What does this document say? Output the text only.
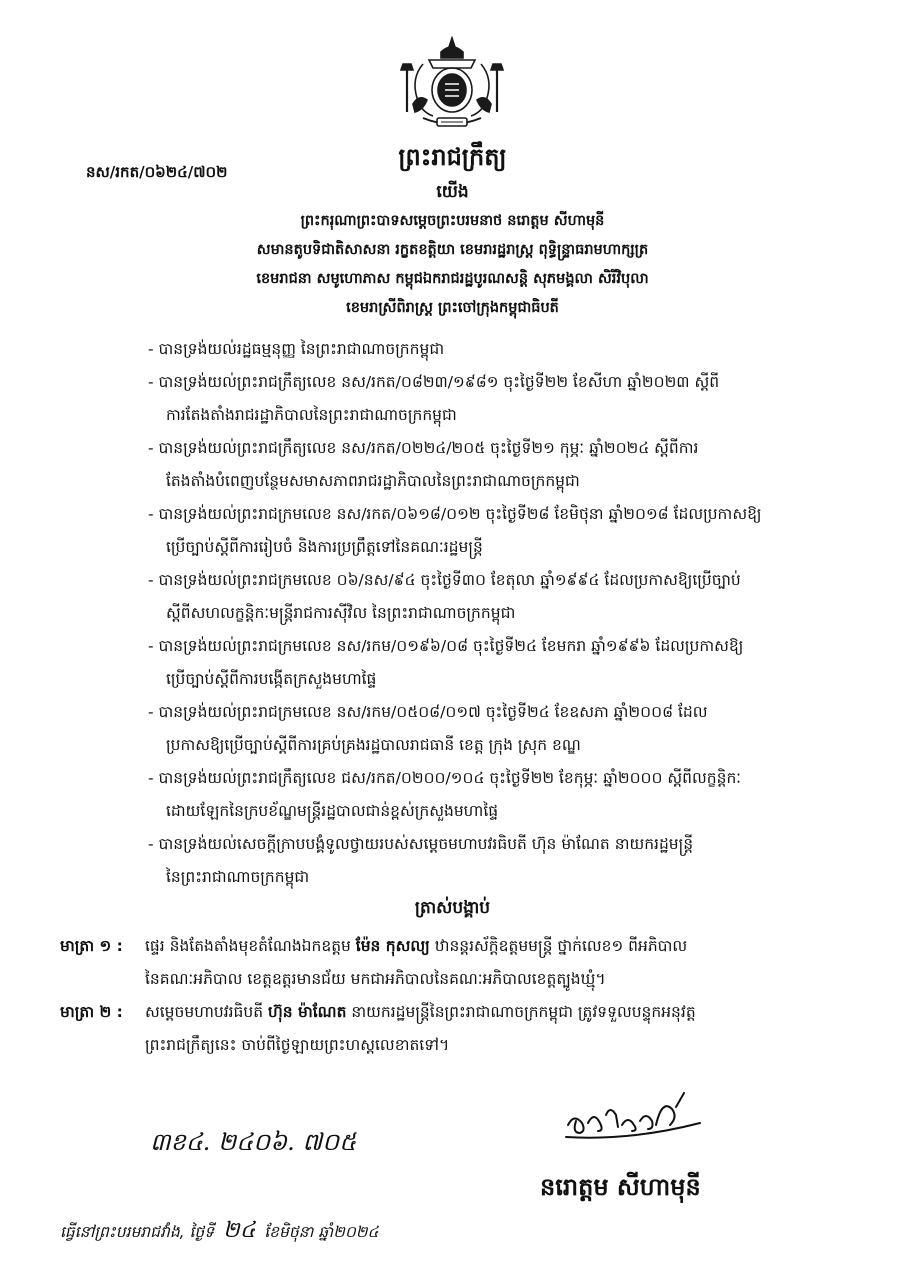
នស/រកត/០៦២៤/៧០២
ព្រះរាជក្រឹត្យ
យើង
ព្រះករុណាព្រះបាទសម្តេចព្រះបរមនាថ នរោត្តម សីហាមុនី
សមានតូបទិជាតិសាសនា រក្ខតខត្តិយា ខេមរារដ្ឋរាស្ត្រ ពុទ្ធិន្ទ្រាធរាមហាក្សត្រ
ខេមរាជនា សមូហោភាស កម្ពុជឯករាជរដ្ឋបូរណសន្តិ សុភមង្គលា សិរីវិបុលា
ខេមរាស្រីពិរាស្ត្រ ព្រះចៅក្រុងកម្ពុជាធិបតី
- បានទ្រង់យល់រដ្ឋធម្មនុញ្ញ នៃព្រះរាជាណាចក្រកម្ពុជា
- បានទ្រង់យល់ព្រះរាជក្រឹត្យលេខ នស/រកត/០៨២៣/១៩៨១ ចុះថ្ងៃទី២២ ខែសីហា ឆ្នាំ២០២៣ ស្តីពី
ការតែងតាំងរាជរដ្ឋាភិបាលនៃព្រះរាជាណាចក្រកម្ពុជា
- បានទ្រង់យល់ព្រះរាជក្រឹត្យលេខ នស/រកត/០២២៤/២០៥ ចុះថ្ងៃទី២១ កុម្ភៈ ឆ្នាំ២០២៤ ស្តីពីការ
តែងតាំងបំពេញបន្ថែមសមាសភាពរាជរដ្ឋាភិបាលនៃព្រះរាជាណាចក្រកម្ពុជា
- បានទ្រង់យល់ព្រះរាជក្រមលេខ នស/រកត/០៦១៨/០១២ ចុះថ្ងៃទី២៨ ខែមិថុនា ឆ្នាំ២០១៨ ដែលប្រកាសឱ្យ
ប្រើច្បាប់ស្តីពីការរៀបចំ និងការប្រព្រឹត្តទៅនៃគណៈរដ្ឋមន្ត្រី
- បានទ្រង់យល់ព្រះរាជក្រមលេខ ០៦/នស/៩៤ ចុះថ្ងៃទី៣០ ខែតុលា ឆ្នាំ១៩៩៤ ដែលប្រកាសឱ្យប្រើច្បាប់
ស្តីពីសហលក្ខន្តិកៈមន្ត្រីរាជការស៊ីវិល នៃព្រះរាជាណាចក្រកម្ពុជា
- បានទ្រង់យល់ព្រះរាជក្រមលេខ នស/រកម/០១៩៦/០៨ ចុះថ្ងៃទី២៤ ខែមករា ឆ្នាំ១៩៩៦ ដែលប្រកាសឱ្យ
ប្រើច្បាប់ស្តីពីការបង្កើតក្រសួងមហាផ្ទៃ
- បានទ្រង់យល់ព្រះរាជក្រមលេខ នស/រកម/០៥០៨/០១៧ ចុះថ្ងៃទី២៤ ខែឧសភា ឆ្នាំ២០០៨ ដែល
ប្រកាសឱ្យប្រើច្បាប់ស្តីពីការគ្រប់គ្រងរដ្ឋបាលរាជធានី ខេត្ត ក្រុង ស្រុក ខណ្ឌ
- បានទ្រង់យល់ព្រះរាជក្រឹត្យលេខ ជស/រកត/០២០០/១០៤ ចុះថ្ងៃទី២២ ខែកុម្ភៈ ឆ្នាំ២០០០ ស្តីពីលក្ខន្តិកៈ
ដោយឡែកនៃក្របខ័ណ្ឌមន្ត្រីរដ្ឋបាលជាន់ខ្ពស់ក្រសួងមហាផ្ទៃ
- បានទ្រង់យល់សេចក្តីក្រាបបង្គំទូលថ្វាយរបស់សម្តេចមហាបវរធិបតី ហ៊ុន ម៉ាណែត នាយករដ្ឋមន្ត្រី
នៃព្រះរាជាណាចក្រកម្ពុជា
ត្រាស់បង្គាប់
មាត្រា ១ : ផ្ទេរ និងតែងតាំងមុខតំណែងឯកឧត្តម ម៉ែន កុសល្យ ឋានន្តរស័ក្តិឧត្តមមន្ត្រី ថ្នាក់លេខ១ ពីអភិបាល
នៃគណៈអភិបាល ខេត្តឧត្តរមានជ័យ មកជាអភិបាលនៃគណៈអភិបាលខេត្តត្បូងឃ្មុំ។
មាត្រា ២ : សម្តេចមហាបវរធិបតី ហ៊ុន ម៉ាណែត នាយករដ្ឋមន្ត្រីនៃព្រះរាជាណាចក្រកម្ពុជា ត្រូវទទួលបន្ទុកអនុវត្ត
ព្រះរាជក្រឹត្យនេះ ចាប់ពីថ្ងៃឡាយព្រះហស្តលេខាតទៅ។
៣ខ៤. ២៤០៦. ៧០៥
នរោត្តម សីហាមុនី
ធ្វើនៅព្រះបរមរាជវាំង, ថ្ងៃទី ២៤ ខែមិថុនា ឆ្នាំ២០២៤
